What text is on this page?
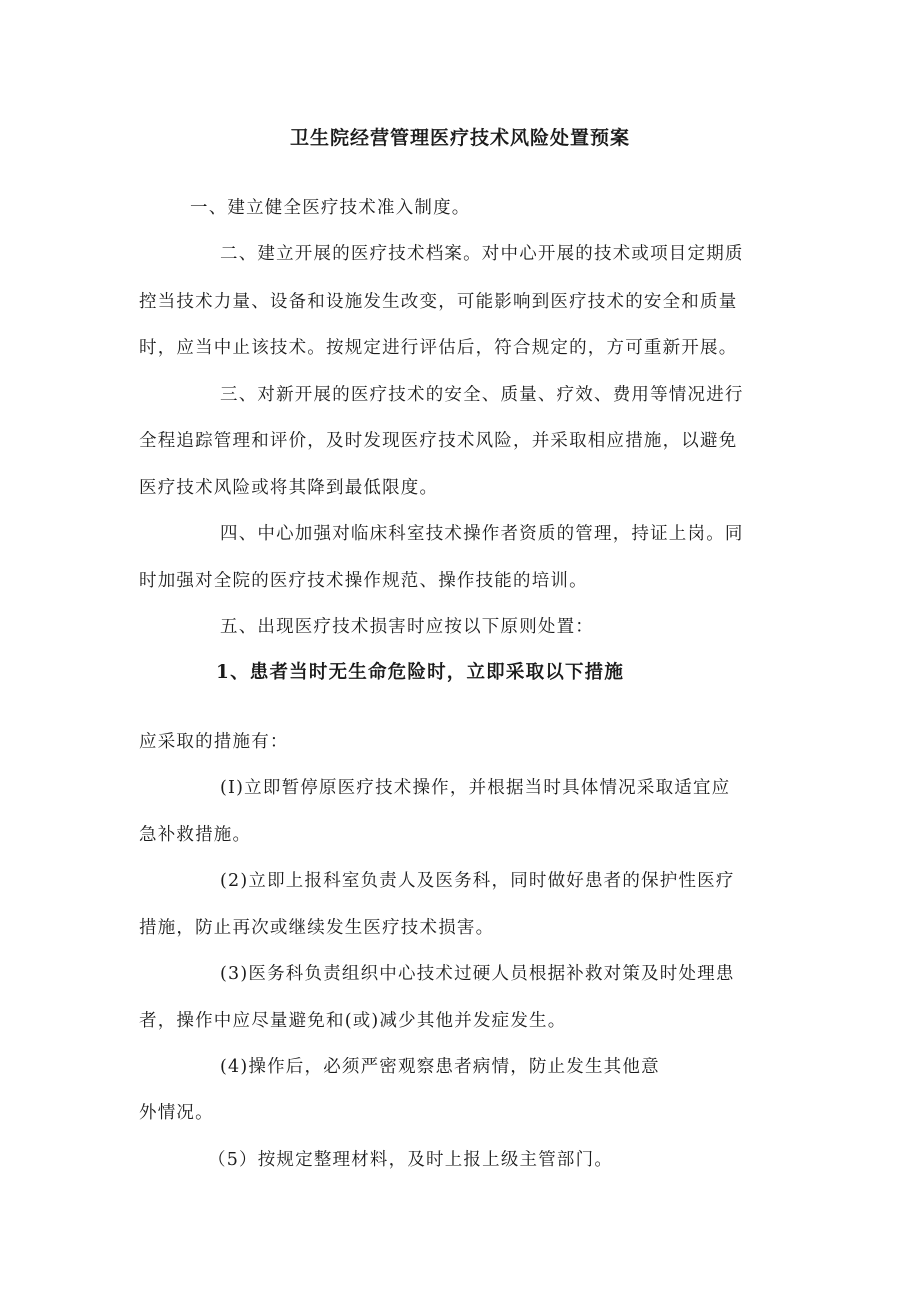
卫生院经营管理医疗技术风险处置预案
一、建立健全医疗技术准入制度。
二、建立开展的医疗技术档案。对中心开展的技术或项目定期质
控当技术力量、设备和设施发生改变，可能影响到医疗技术的安全和质量
时，应当中止该技术。按规定进行评估后，符合规定的，方可重新开展。
三、对新开展的医疗技术的安全、质量、疗效、费用等情况进行
全程追踪管理和评价，及时发现医疗技术风险，并采取相应措施，以避免
医疗技术风险或将其降到最低限度。
四、中心加强对临床科室技术操作者资质的管理，持证上岗。同
时加强对全院的医疗技术操作规范、操作技能的培训。
五、出现医疗技术损害时应按以下原则处置：
1、患者当时无生命危险时，立即采取以下措施
应采取的措施有：
(I)立即暂停原医疗技术操作，并根据当时具体情况采取适宜应
急补救措施。
(2)立即上报科室负责人及医务科，同时做好患者的保护性医疗
措施，防止再次或继续发生医疗技术损害。
(3)医务科负责组织中心技术过硬人员根据补救对策及时处理患
者，操作中应尽量避免和(或)减少其他并发症发生。
(4)操作后，必须严密观察患者病情，防止发生其他意
外情况。
（5）按规定整理材料，及时上报上级主管部门。
